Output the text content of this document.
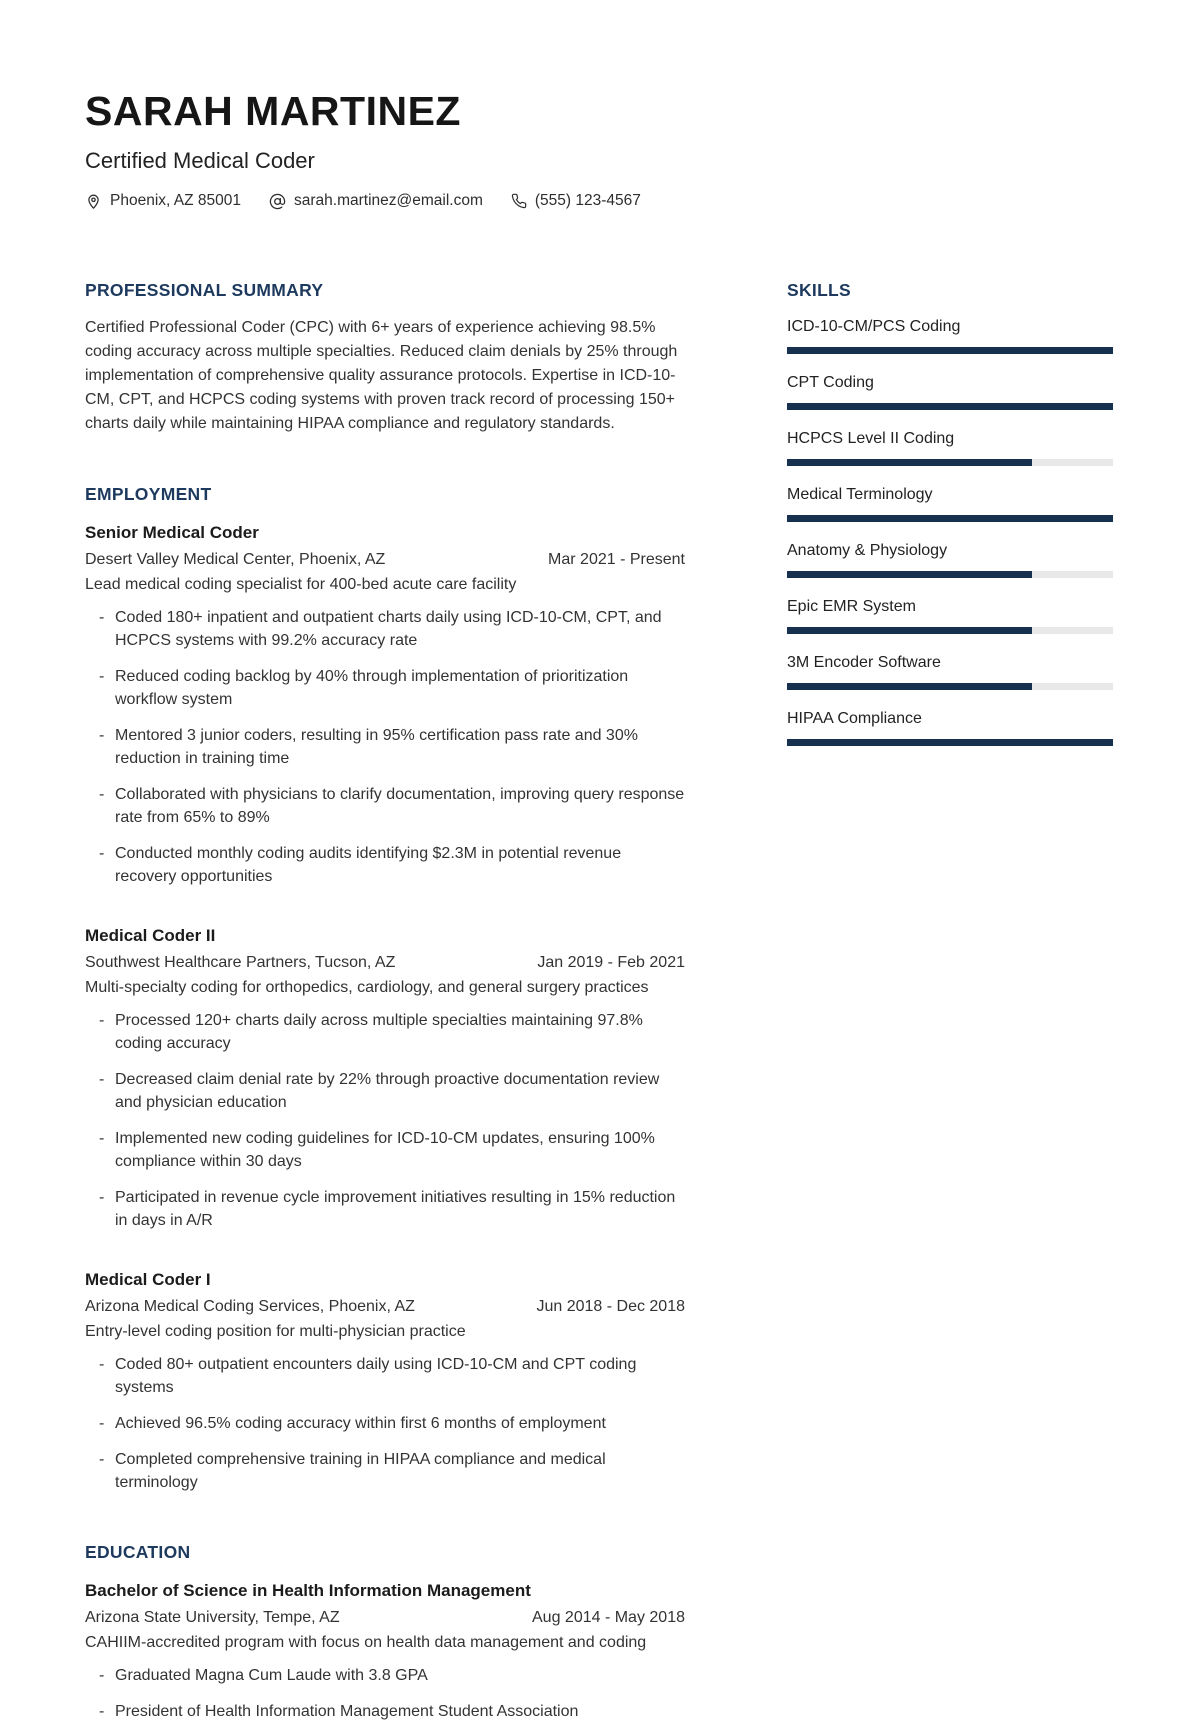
SARAH MARTINEZ
Certified Medical Coder
Phoenix, AZ 85001	sarah.martinez@email.com	(555) 123-4567
PROFESSIONAL SUMMARY

Certified Professional Coder (CPC) with 6+ years of experience achieving 98.5% coding accuracy across multiple specialties. Reduced claim denials by 25% through implementation of comprehensive quality assurance protocols. Expertise in ICD-10-CM, CPT, and HCPCS coding systems with proven track record of processing 150+ charts daily while maintaining HIPAA compliance and regulatory standards.

EMPLOYMENT
Senior Medical Coder
Desert Valley Medical Center, Phoenix, AZ	Mar 2021 - Present
Lead medical coding specialist for 400-bed acute care facility
- Coded 180+ inpatient and outpatient charts daily using ICD-10-CM, CPT, and HCPCS systems with 99.2% accuracy rate
- Reduced coding backlog by 40% through implementation of prioritization workflow system
- Mentored 3 junior coders, resulting in 95% certification pass rate and 30% reduction in training time
- Collaborated with physicians to clarify documentation, improving query response rate from 65% to 89%
- Conducted monthly coding audits identifying $2.3M in potential revenue recovery opportunities
Medical Coder II
Southwest Healthcare Partners, Tucson, AZ	Jan 2019 - Feb 2021
Multi-specialty coding for orthopedics, cardiology, and general surgery practices
- Processed 120+ charts daily across multiple specialties maintaining 97.8% coding accuracy
- Decreased claim denial rate by 22% through proactive documentation review and physician education
- Implemented new coding guidelines for ICD-10-CM updates, ensuring 100% compliance within 30 days
- Participated in revenue cycle improvement initiatives resulting in 15% reduction in days in A/R
Medical Coder I
Arizona Medical Coding Services, Phoenix, AZ	Jun 2018 - Dec 2018
Entry-level coding position for multi-physician practice
- Coded 80+ outpatient encounters daily using ICD-10-CM and CPT coding systems
- Achieved 96.5% coding accuracy within first 6 months of employment
- Completed comprehensive training in HIPAA compliance and medical terminology
EDUCATION
Bachelor of Science in Health Information Management
Arizona State University, Tempe, AZ	Aug 2014 - May 2018
CAHIIM-accredited program with focus on health data management and coding
- Graduated Magna Cum Laude with 3.8 GPA
- President of Health Information Management Student Association
SKILLS
ICD-10-CM/PCS Coding
CPT Coding
HCPCS Level II Coding
Medical Terminology
Anatomy & Physiology
Epic EMR System
3M Encoder Software
HIPAA Compliance
